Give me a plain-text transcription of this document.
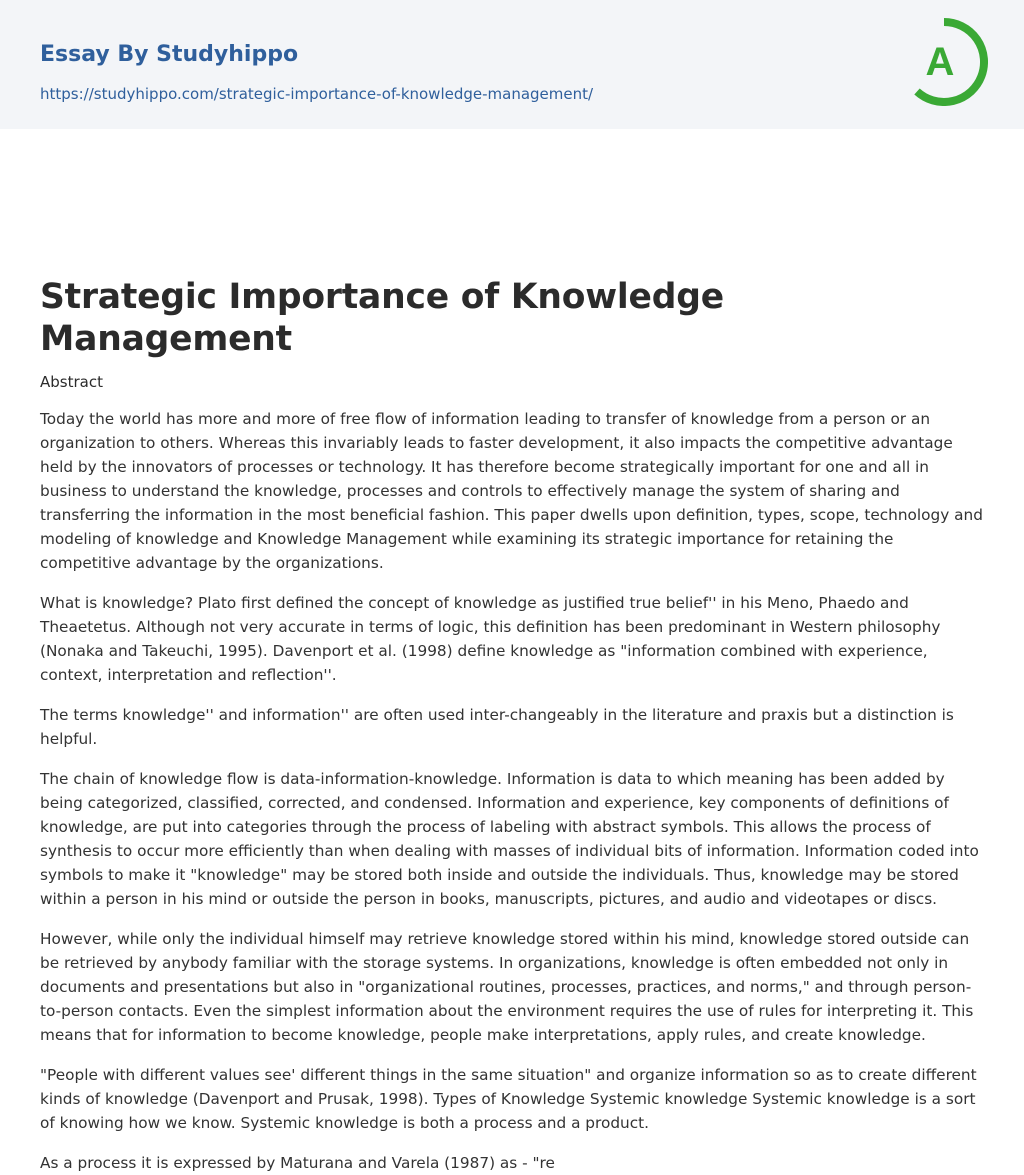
Essay By Studyhippo
https://studyhippo.com/strategic-importance-of-knowledge-management/
A
Strategic Importance of Knowledge Management
Abstract

Today the world has more and more of free flow of information leading to transfer of knowledge from a person or an organization to others. Whereas this invariably leads to faster development, it also impacts the competitive advantage held by the innovators of processes or technology. It has therefore become strategically important for one and all in business to understand the knowledge, processes and controls to effectively manage the system of sharing and transferring the information in the most beneficial fashion. This paper dwells upon definition, types, scope, technology and modeling of knowledge and Knowledge Management while examining its strategic importance for retaining the competitive advantage by the organizations.

What is knowledge? Plato first defined the concept of knowledge as justified true belief'' in his Meno, Phaedo and Theaetetus. Although not very accurate in terms of logic, this definition has been predominant in Western philosophy (Nonaka and Takeuchi, 1995). Davenport et al. (1998) define knowledge as "information combined with experience, context, interpretation and reflection''.

The terms knowledge'' and information'' are often used inter-changeably in the literature and praxis but a distinction is helpful.

The chain of knowledge flow is data-information-knowledge. Information is data to which meaning has been added by being categorized, classified, corrected, and condensed. Information and experience, key components of definitions of knowledge, are put into categories through the process of labeling with abstract symbols. This allows the process of synthesis to occur more efficiently than when dealing with masses of individual bits of information. Information coded into symbols to make it "knowledge" may be stored both inside and outside the individuals. Thus, knowledge may be stored within a person in his mind or outside the person in books, manuscripts, pictures, and audio and videotapes or discs.

However, while only the individual himself may retrieve knowledge stored within his mind, knowledge stored outside can be retrieved by anybody familiar with the storage systems. In organizations, knowledge is often embedded not only in documents and presentations but also in "organizational routines, processes, practices, and norms," and through person-to-person contacts. Even the simplest information about the environment requires the use of rules for interpreting it. This means that for information to become knowledge, people make interpretations, apply rules, and create knowledge.

"People with different values see' different things in the same situation" and organize information so as to create different kinds of knowledge (Davenport and Prusak, 1998). Types of Knowledge Systemic knowledge Systemic knowledge is a sort of knowing how we know. Systemic knowledge is both a process and a product.

As a process it is expressed by Maturana and Varela (1987) as - "re
